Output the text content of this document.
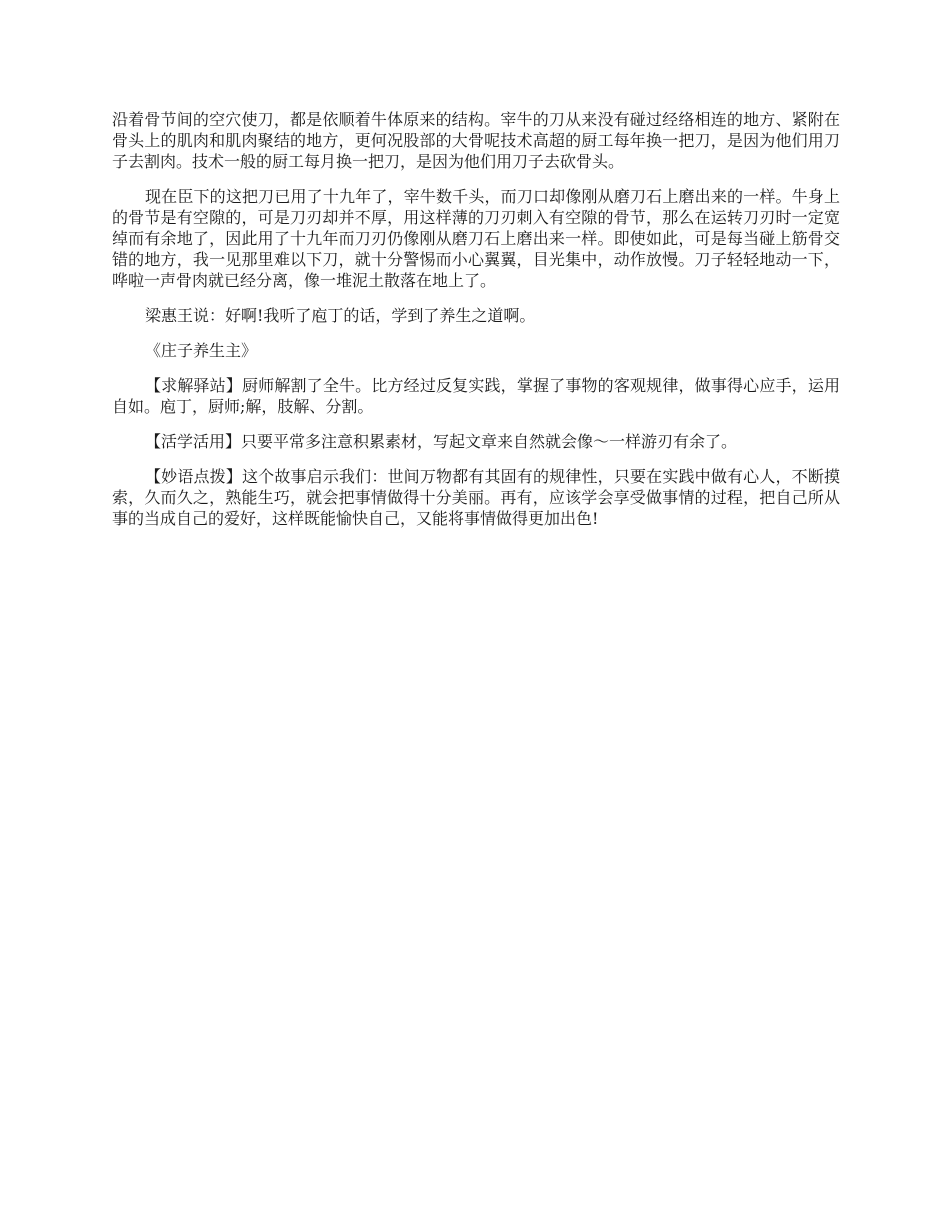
沿着骨节间的空穴使刀，都是依顺着牛体原来的结构。宰牛的刀从来没有碰过经络相连的地方、紧附在骨头上的肌肉和肌肉聚结的地方，更何况股部的大骨呢技术高超的厨工每年换一把刀，是因为他们用刀子去割肉。技术一般的厨工每月换一把刀，是因为他们用刀子去砍骨头。

现在臣下的这把刀已用了十九年了，宰牛数千头，而刀口却像刚从磨刀石上磨出来的一样。牛身上的骨节是有空隙的，可是刀刃却并不厚，用这样薄的刀刃刺入有空隙的骨节，那么在运转刀刃时一定宽绰而有余地了，因此用了十九年而刀刃仍像刚从磨刀石上磨出来一样。即使如此，可是每当碰上筋骨交错的地方，我一见那里难以下刀，就十分警惕而小心翼翼，目光集中，动作放慢。刀子轻轻地动一下，哗啦一声骨肉就已经分离，像一堆泥土散落在地上了。

梁惠王说：好啊!我听了庖丁的话，学到了养生之道啊。

《庄子养生主》

【求解驿站】厨师解割了全牛。比方经过反复实践，掌握了事物的客观规律，做事得心应手，运用自如。庖丁，厨师;解，肢解、分割。

【活学活用】只要平常多注意积累素材，写起文章来自然就会像～一样游刃有余了。

【妙语点拨】这个故事启示我们：世间万物都有其固有的规律性，只要在实践中做有心人，不断摸索，久而久之，熟能生巧，就会把事情做得十分美丽。再有，应该学会享受做事情的过程，把自己所从事的当成自己的爱好，这样既能愉快自己，又能将事情做得更加出色!
